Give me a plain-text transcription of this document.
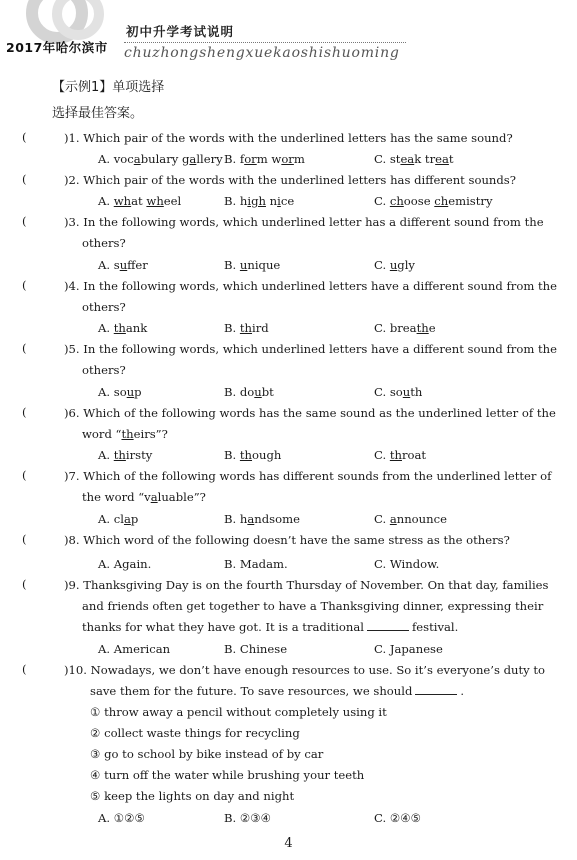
2017年哈尔滨市
初中升学考试说明
chuzhongshengxuekaoshishuoming
【示例1】单项选择
选择最佳答案。
(	)1. Which pair of the words with the underlined letters has the same sound?
A. vocabulary gallery B. form worm	C. steak treat
(	)2. Which pair of the words with the underlined letters has different sounds?
A. what wheel	B. high nice	C. choose chemistry
(	)3. In the following words, which underlined letter has a different sound from the
others?
A. suffer	B. unique	C. ugly
(	)4. In the following words, which underlined letters have a different sound from the
others?
A. thank	B. third	C. breathe
(	)5. In the following words, which underlined letters have a different sound from the
others?
A. soup	B. doubt	C. south
(	)6. Which of the following words has the same sound as the underlined letter of the
word “theirs”?
A. thirsty	B. though	C. throat
(	)7. Which of the following words has different sounds from the underlined letter of
the word “valuable”?
A. clap	B. handsome	C. announce
(	)8. Which word of the following doesn’t have the same stress as the others?
A. Again.	B. Madam.	C. Window.
(	)9. Thanksgiving Day is on the fourth Thursday of November. On that day, families
and friends often get together to have a Thanksgiving dinner, expressing their
thanks for what they have got. It is a traditional	festival.
A. American	B. Chinese	C. Japanese
(	)10. Nowadays, we don’t have enough resources to use. So it’s everyone’s duty to
save them for the future. To save resources, we should	.
① throw away a pencil without completely using it
② collect waste things for recycling
③ go to school by bike instead of by car
④ turn off the water while brushing your teeth
⑤ keep the lights on day and night
A. ①②⑤	B. ②③④	C. ②④⑤
4
